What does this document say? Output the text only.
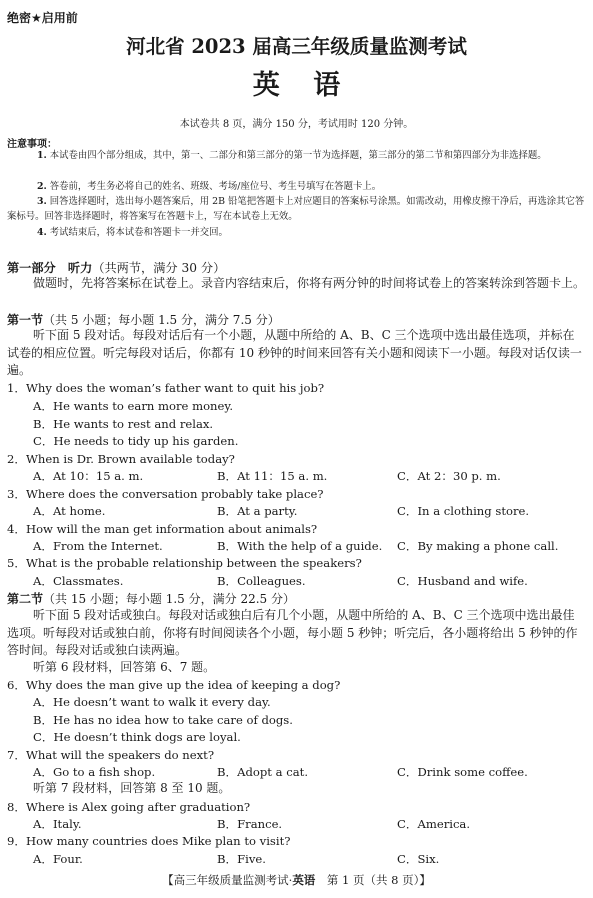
绝密★启用前
河北省 2023 届高三年级质量监测考试
英 语
本试卷共 8 页，满分 150 分，考试用时 120 分钟。
注意事项：
1. 本试卷由四个部分组成，其中，第一、二部分和第三部分的第一节为选择题，第三部分的第二节和第四部分为非选择题。
2. 答卷前，考生务必将自己的姓名、班级、考场/座位号、考生号填写在答题卡上。
3. 回答选择题时，选出每小题答案后，用 2B 铅笔把答题卡上对应题目的答案标号涂黑。如需改动，用橡皮擦干净后，再选涂其它答案标号。回答非选择题时，将答案写在答题卡上，写在本试卷上无效。
4. 考试结束后，将本试卷和答题卡一并交回。
第一部分　听力（共两节，满分 30 分）
做题时，先将答案标在试卷上。录音内容结束后，你将有两分钟的时间将试卷上的答案转涂到答题卡上。
第一节（共 5 小题；每小题 1.5 分，满分 7.5 分）
听下面 5 段对话。每段对话后有一个小题，从题中所给的 A、B、C 三个选项中选出最佳选项，并标在试卷的相应位置。听完每段对话后，你都有 10 秒钟的时间来回答有关小题和阅读下一小题。每段对话仅读一遍。
1．Why does the woman’s father want to quit his job?
A．He wants to earn more money.
B．He wants to rest and relax.
C．He needs to tidy up his garden.
2．When is Dr. Brown available today?
A．At 10：15 a. m.	B．At 11：15 a. m.	C．At 2：30 p. m.
3．Where does the conversation probably take place?
A．At home.	B．At a party.	C．In a clothing store.
4．How will the man get information about animals?
A．From the Internet.	B．With the help of a guide. C．By making a phone call.
5．What is the probable relationship between the speakers?
A．Classmates.	B．Colleagues.	C．Husband and wife.
第二节（共 15 小题；每小题 1.5 分，满分 22.5 分）
听下面 5 段对话或独白。每段对话或独白后有几个小题，从题中所给的 A、B、C 三个选项中选出最佳选项。听每段对话或独白前，你将有时间阅读各个小题，每小题 5 秒钟；听完后，各小题将给出 5 秒钟的作答时间。每段对话或独白读两遍。
听第 6 段材料，回答第 6、7 题。
6．Why does the man give up the idea of keeping a dog?
A．He doesn’t want to walk it every day.
B．He has no idea how to take care of dogs.
C．He doesn’t think dogs are loyal.
7．What will the speakers do next?
A．Go to a fish shop.	B．Adopt a cat.	C．Drink some coffee.
听第 7 段材料，回答第 8 至 10 题。
8．Where is Alex going after graduation?
A．Italy.	B．France.	C．America.
9．How many countries does Mike plan to visit?
A．Four.	B．Five.	C．Six.
【高三年级质量监测考试·英语　 第 1 页（共 8 页）】
